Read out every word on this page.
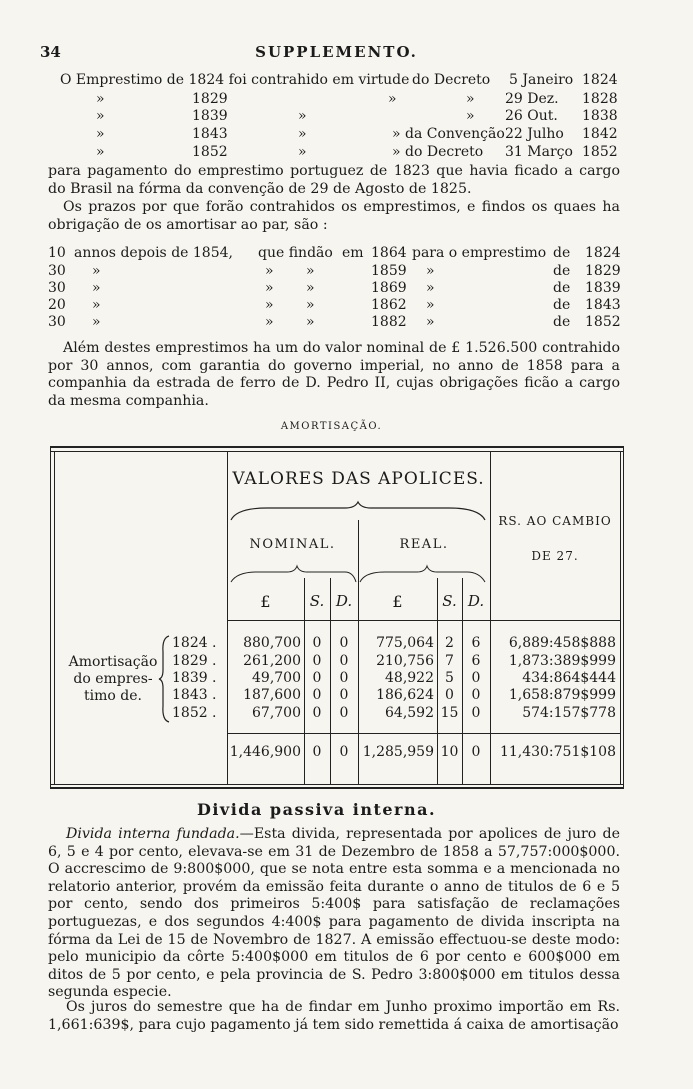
34	SUPPLEMENTO.
O Emprestimo de 1824 foi contrahido em virtude do Decreto 5 Janeiro 1824
»	1829	»	» 29 Dez. 1828
»	1839	»	» 26 Out. 1838
»	1843	»	» da Convenção 22 Julho 1842
»	1852	»	» do Decreto 31 Março 1852
para pagamento do emprestimo portuguez de 1823 que havia ficado a cargo do Brasil na fórma da convenção de 29 de Agosto de 1825.
Os prazos por que forão contrahidos os emprestimos, e findos os quaes ha obrigação de os amortisar ao par, são :
10 annos depois de 1854, que findão em 1864 para o emprestimo de 1824
30 »	» »	1859 »	de 1829
30 »	» »	1869 »	de 1839
20 »	» »	1862 »	de 1843
30 »	» »	1882 »	de 1852
Além destes emprestimos ha um do valor nominal de £ 1.526.500 contrahido por 30 annos, com garantia do governo imperial, no anno de 1858 para a companhia da estrada de ferro de D. Pedro II, cujas obrigações ficão a cargo da mesma companhia.
AMORTISAÇÃO.
VALORES DAS APOLICES.
NOMINAL.	REAL.
RS. AO CAMBIO
DE 27.
£	S. D.	£	S. D.
Amortisação
do empres-
timo de.
1824 .	880,700 0	0	775,064 2	6	6,889:458$888
1829 .	261,200 0	0	210,756 7	6	1,873:389$999
1839 .	49,700 0	0	48,922 5	0	434:864$444
1843 .	187,600 0	0	186,624 0	0	1,658:879$999
1852 .	67,700 0	0	64,592 15 0	574:157$778
1,446,900 0	0	1,285,959 10 0	11,430:751$108
Divida passiva interna.
Divida interna fundada.—Esta divida, representada por apolices de juro de 6, 5 e 4 por cento, elevava-se em 31 de Dezembro de 1858 a 57,757:000$000. O accrescimo de 9:800$000, que se nota entre esta somma e a mencionada no relatorio anterior, provém da emissão feita durante o anno de titulos de 6 e 5 por cento, sendo dos primeiros 5:400$ para satisfação de reclamações portuguezas, e dos segundos 4:400$ para pagamento de divida inscripta na fórma da Lei de 15 de Novembro de 1827. A emissão effectuou-se deste modo: pelo municipio da côrte 5:400$000 em titulos de 6 por cento e 600$000 em ditos de 5 por cento, e pela provincia de S. Pedro 3:800$000 em titulos dessa segunda especie.
Os juros do semestre que ha de findar em Junho proximo importão em Rs. 1,661:639$, para cujo pagamento já tem sido remettida á caixa de amortisação
